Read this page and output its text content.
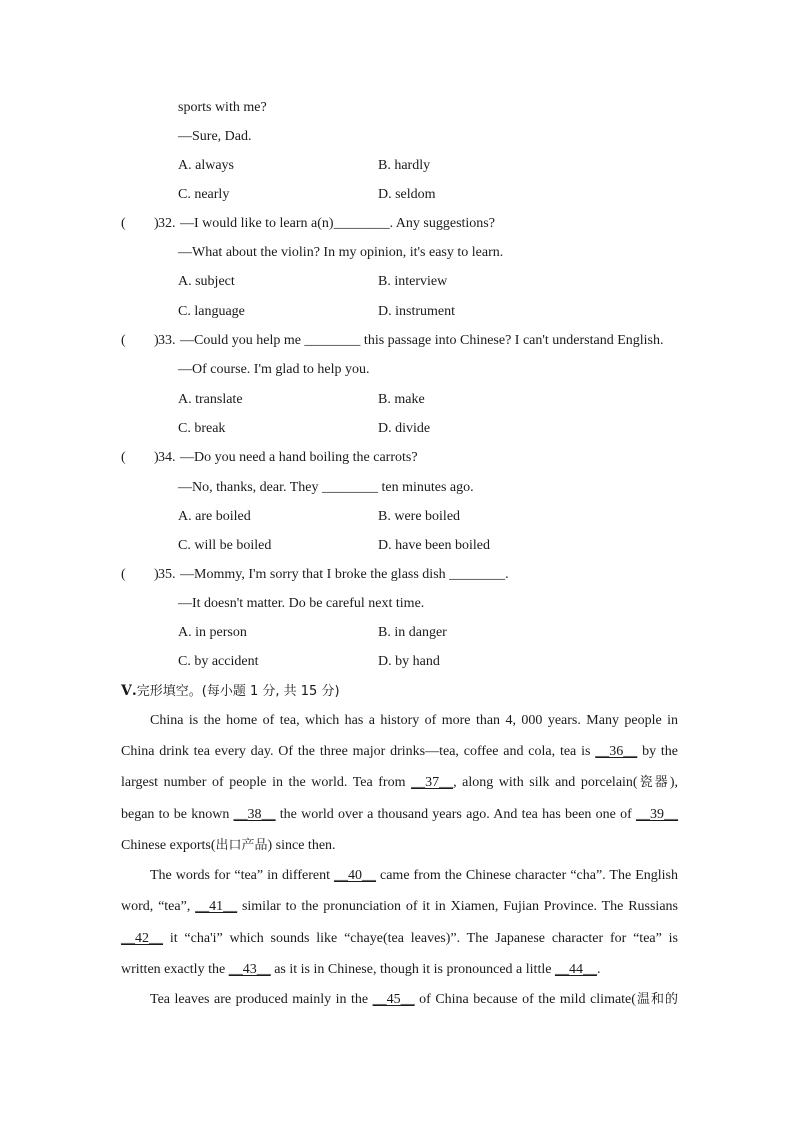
sports with me?
—Sure, Dad.
A. always	B. hardly
C. nearly	D. seldom
( ) 32. —I would like to learn a(n)________. Any suggestions?
—What about the violin? In my opinion, it's easy to learn.
A. subject	B. interview
C. language	D. instrument
( ) 33. —Could you help me ________ this passage into Chinese? I can't understand English.
—Of course. I'm glad to help you.
A. translate	B. make
C. break	D. divide
( ) 34. —Do you need a hand boiling the carrots?
—No, thanks, dear. They ________ ten minutes ago.
A. are boiled	B. were boiled
C. will be boiled	D. have been boiled
( ) 35. —Mommy, I'm sorry that I broke the glass dish ________.
—It doesn't matter. Do be careful next time.
A. in person	B. in danger
C. by accident	D. by hand
Ⅴ.完形填空。(每小题 1 分, 共 15 分)
China is the home of tea, which has a history of more than 4, 000 years. Many people in
China drink tea every day. Of the three major drinks—tea, coffee and cola, tea is __36__ by the
largest number of people in the world. Tea from __37__, along with silk and porcelain(瓷器),
began to be known __38__ the world over a thousand years ago. And tea has been one of __39__
Chinese exports(出口产品) since then.
The words for “tea” in different __40__ came from the Chinese character “cha”. The English
word, “tea”, __41__ similar to the pronunciation of it in Xiamen, Fujian Province. The Russians
__42__ it “cha'i” which sounds like “chaye(tea leaves)”. The Japanese character for “tea” is
written exactly the __43__ as it is in Chinese, though it is pronounced a little __44__.
Tea leaves are produced mainly in the __45__ of China because of the mild climate(温和的
